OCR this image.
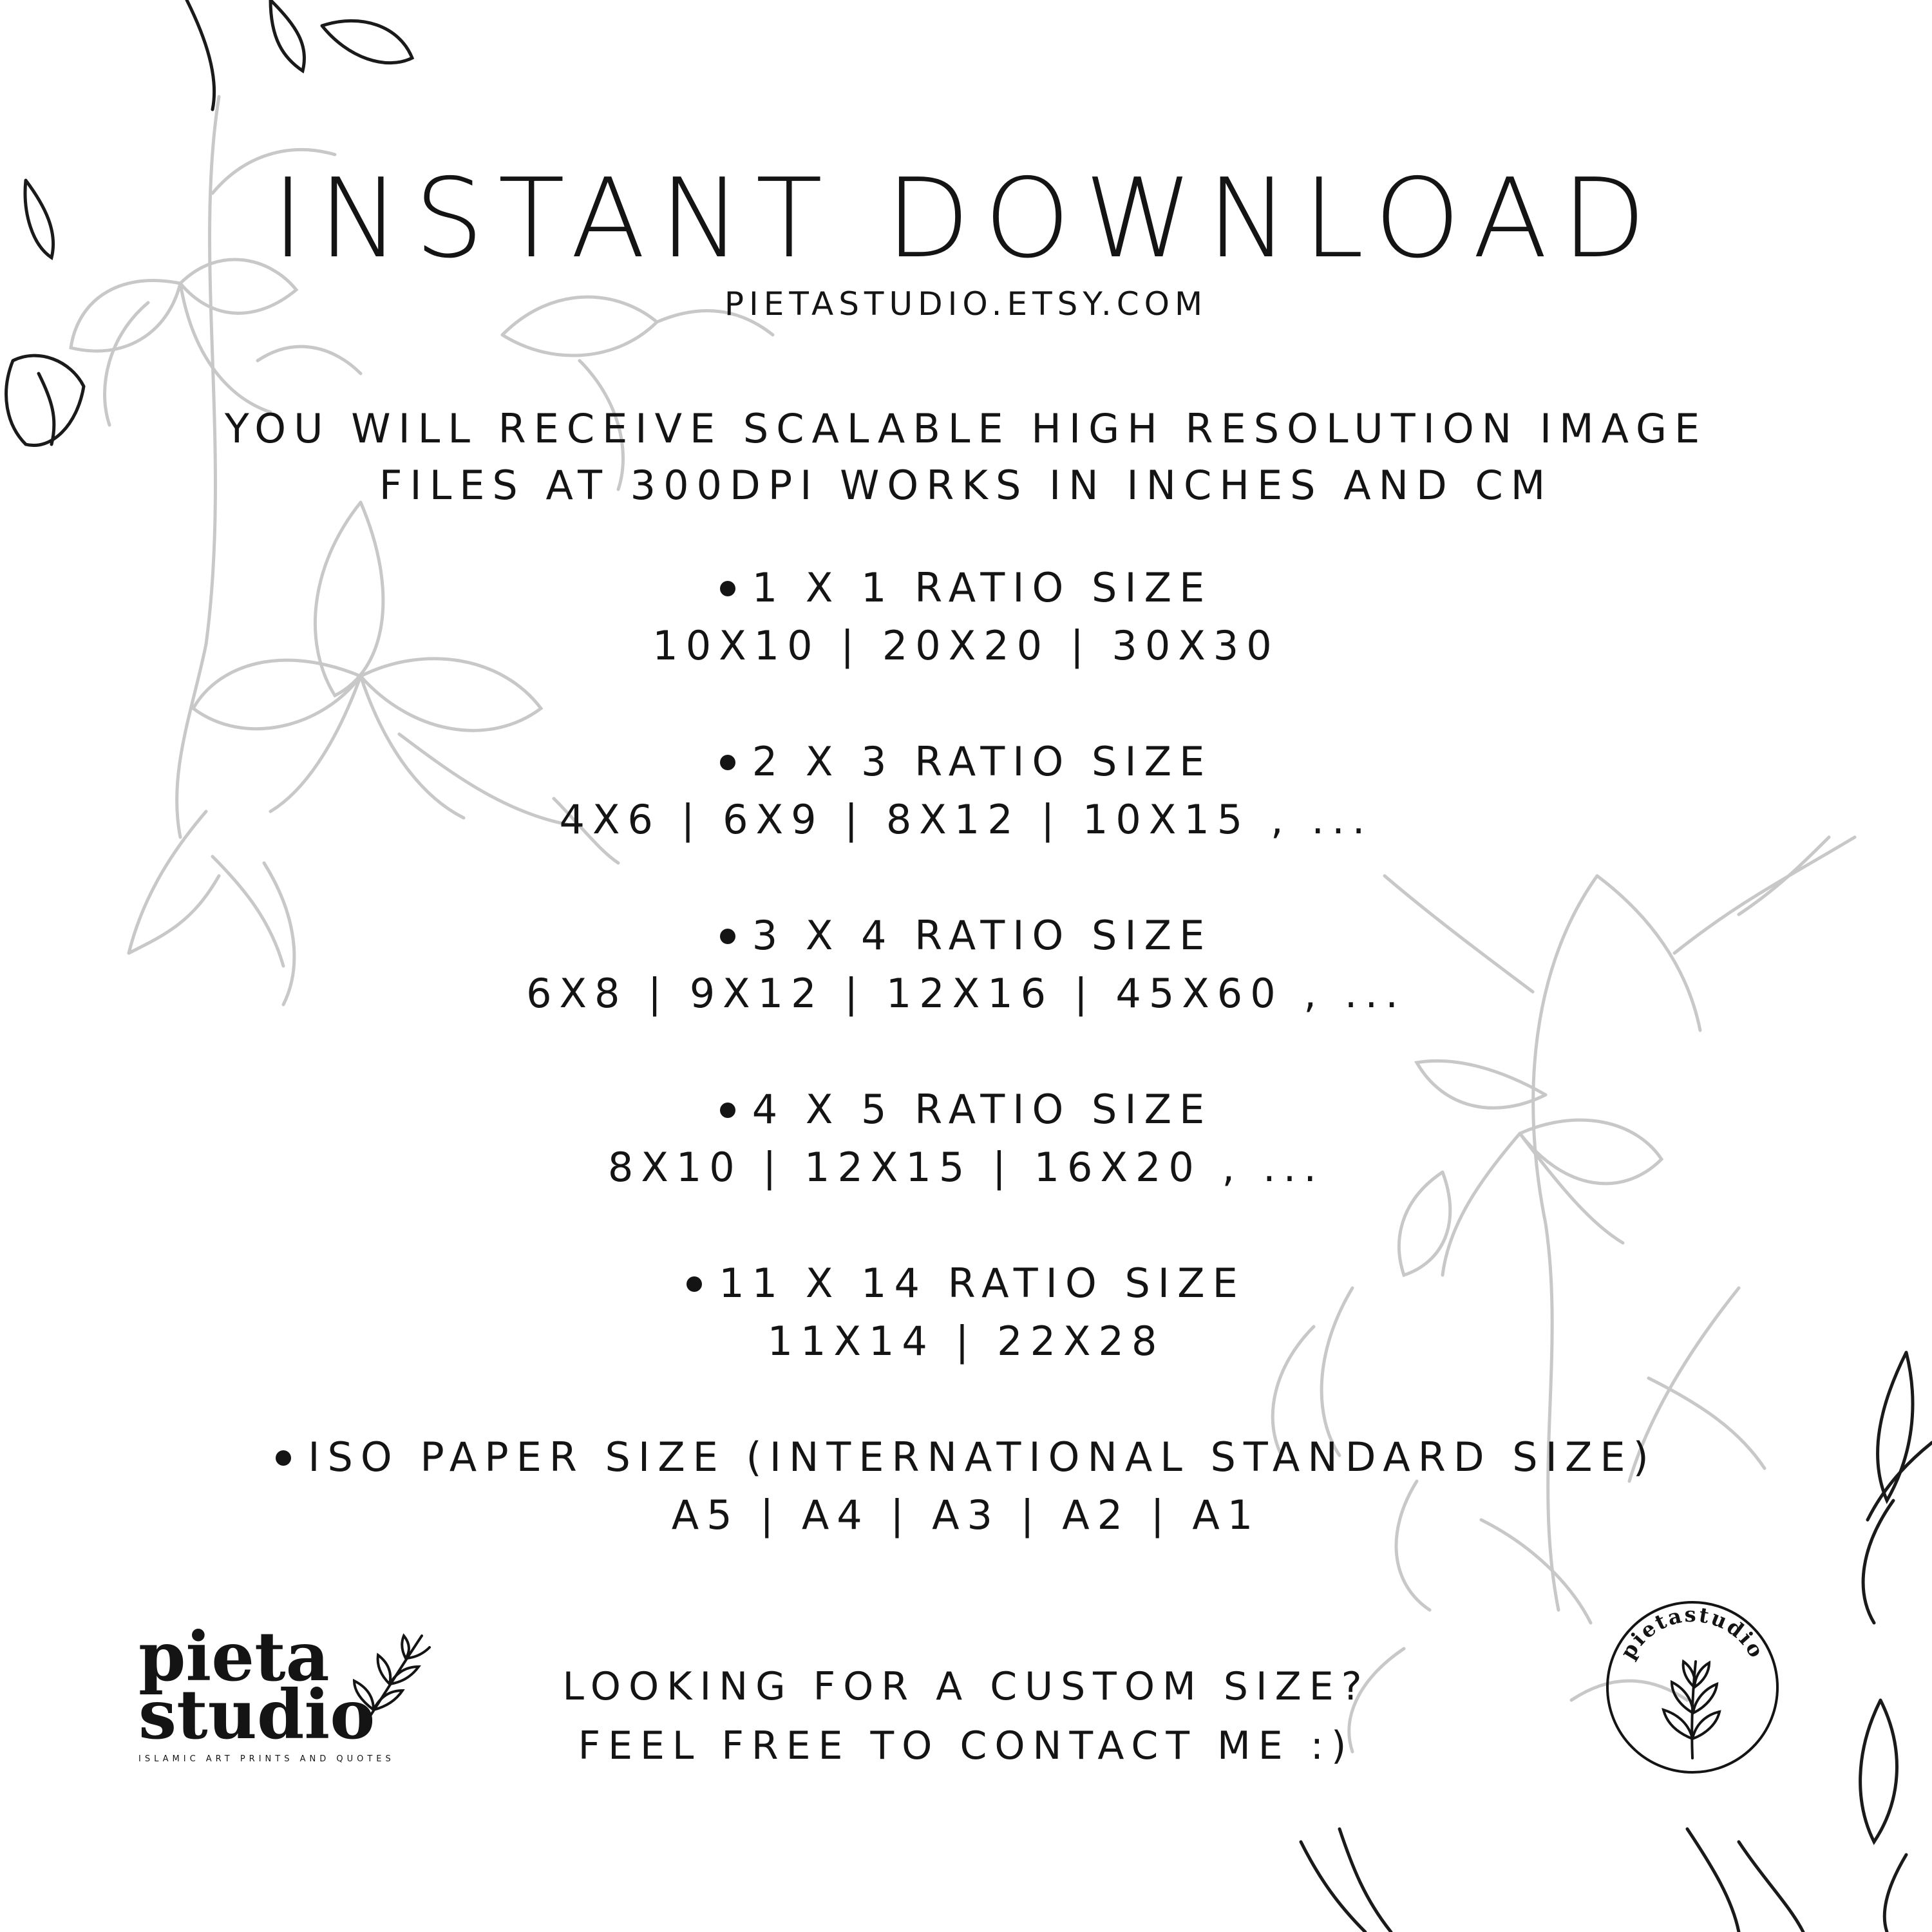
INSTANT DOWNLOAD
PIETASTUDIO.ETSY.COM
YOU WILL RECEIVE SCALABLE HIGH RESOLUTION IMAGE
FILES AT 300DPI WORKS IN INCHES AND CM
1 X 1 RATIO SIZE
10X10 | 20X20 | 30X30
2 X 3 RATIO SIZE
4X6 | 6X9 | 8X12 | 10X15 , ...
3 X 4 RATIO SIZE
6X8 | 9X12 | 12X16 | 45X60 , ...
4 X 5 RATIO SIZE
8X10 | 12X15 | 16X20 , ...
11 X 14 RATIO SIZE
11X14 | 22X28
ISO PAPER SIZE (INTERNATIONAL STANDARD SIZE)
A5 | A4 | A3 | A2 | A1
LOOKING FOR A CUSTOM SIZE?
FEEL FREE TO CONTACT ME :)
pieta
studio
ISLAMIC ART PRINTS AND QUOTES
pietastudio
